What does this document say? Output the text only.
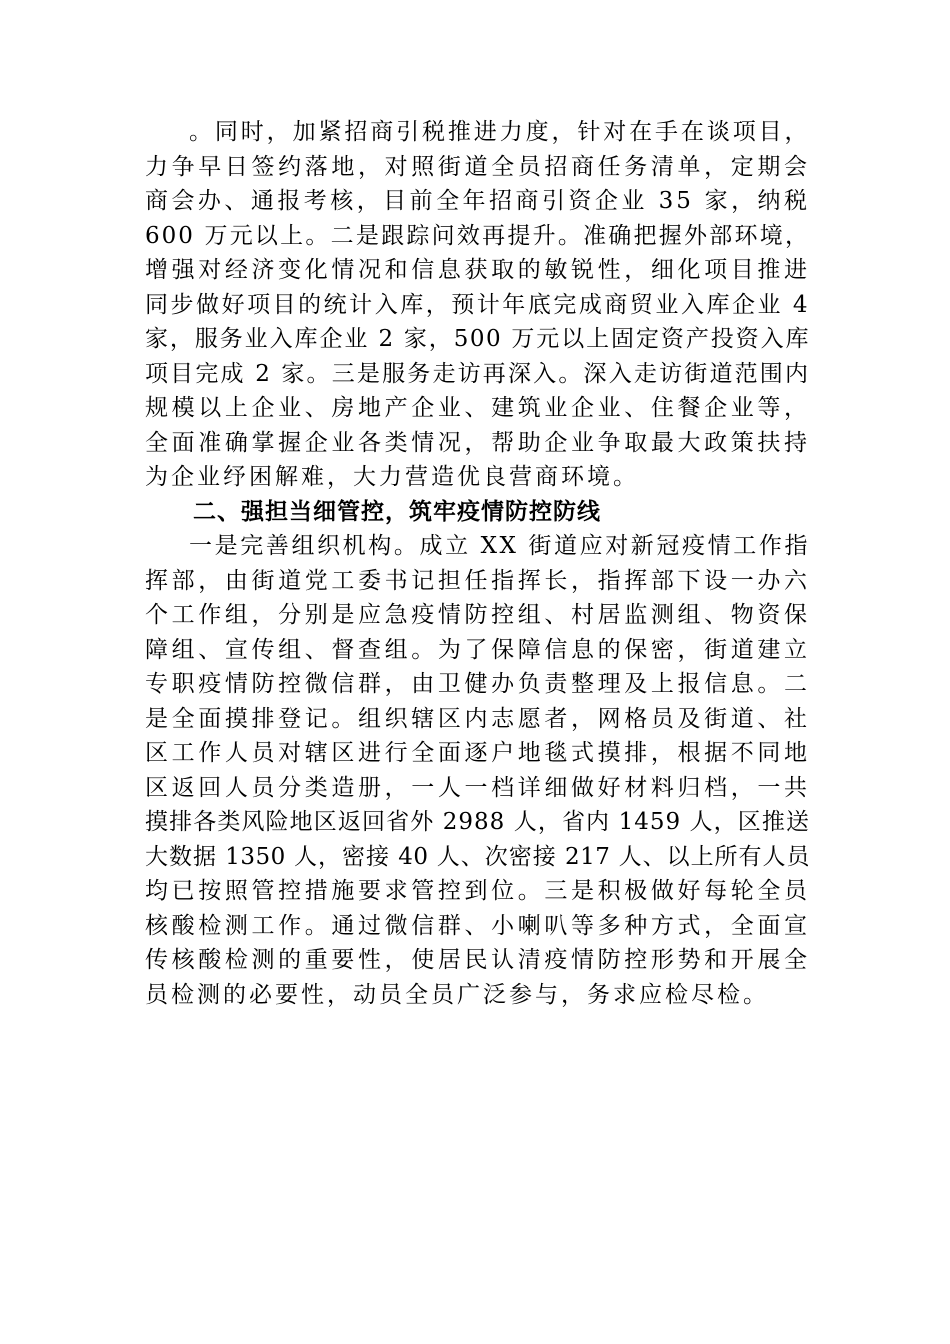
。同时，加紧招商引税推进力度，针对在手在谈项目，
力争早日签约落地，对照街道全员招商任务清单，定期会
商会办、通报考核，目前全年招商引资企业 35 家，纳税
600 万元以上。二是跟踪问效再提升。准确把握外部环境，
增强对经济变化情况和信息获取的敏锐性，细化项目推进
同步做好项目的统计入库，预计年底完成商贸业入库企业 4
家，服务业入库企业 2 家，500 万元以上固定资产投资入库
项目完成 2 家。三是服务走访再深入。深入走访街道范围内
规模以上企业、房地产企业、建筑业企业、住餐企业等，
全面准确掌握企业各类情况，帮助企业争取最大政策扶持
为企业纾困解难，大力营造优良营商环境。
二、强担当细管控，筑牢疫情防控防线
一是完善组织机构。成立 XX 街道应对新冠疫情工作指
挥部，由街道党工委书记担任指挥长，指挥部下设一办六
个工作组，分别是应急疫情防控组、村居监测组、物资保
障组、宣传组、督查组。为了保障信息的保密，街道建立
专职疫情防控微信群，由卫健办负责整理及上报信息。二
是全面摸排登记。组织辖区内志愿者，网格员及街道、社
区工作人员对辖区进行全面逐户地毯式摸排，根据不同地
区返回人员分类造册，一人一档详细做好材料归档，一共
摸排各类风险地区返回省外 2988 人，省内 1459 人，区推送
大数据 1350 人，密接 40 人、次密接 217 人、以上所有人员
均已按照管控措施要求管控到位。三是积极做好每轮全员
核酸检测工作。通过微信群、小喇叭等多种方式，全面宣
传核酸检测的重要性，使居民认清疫情防控形势和开展全
员检测的必要性，动员全员广泛参与，务求应检尽检。
